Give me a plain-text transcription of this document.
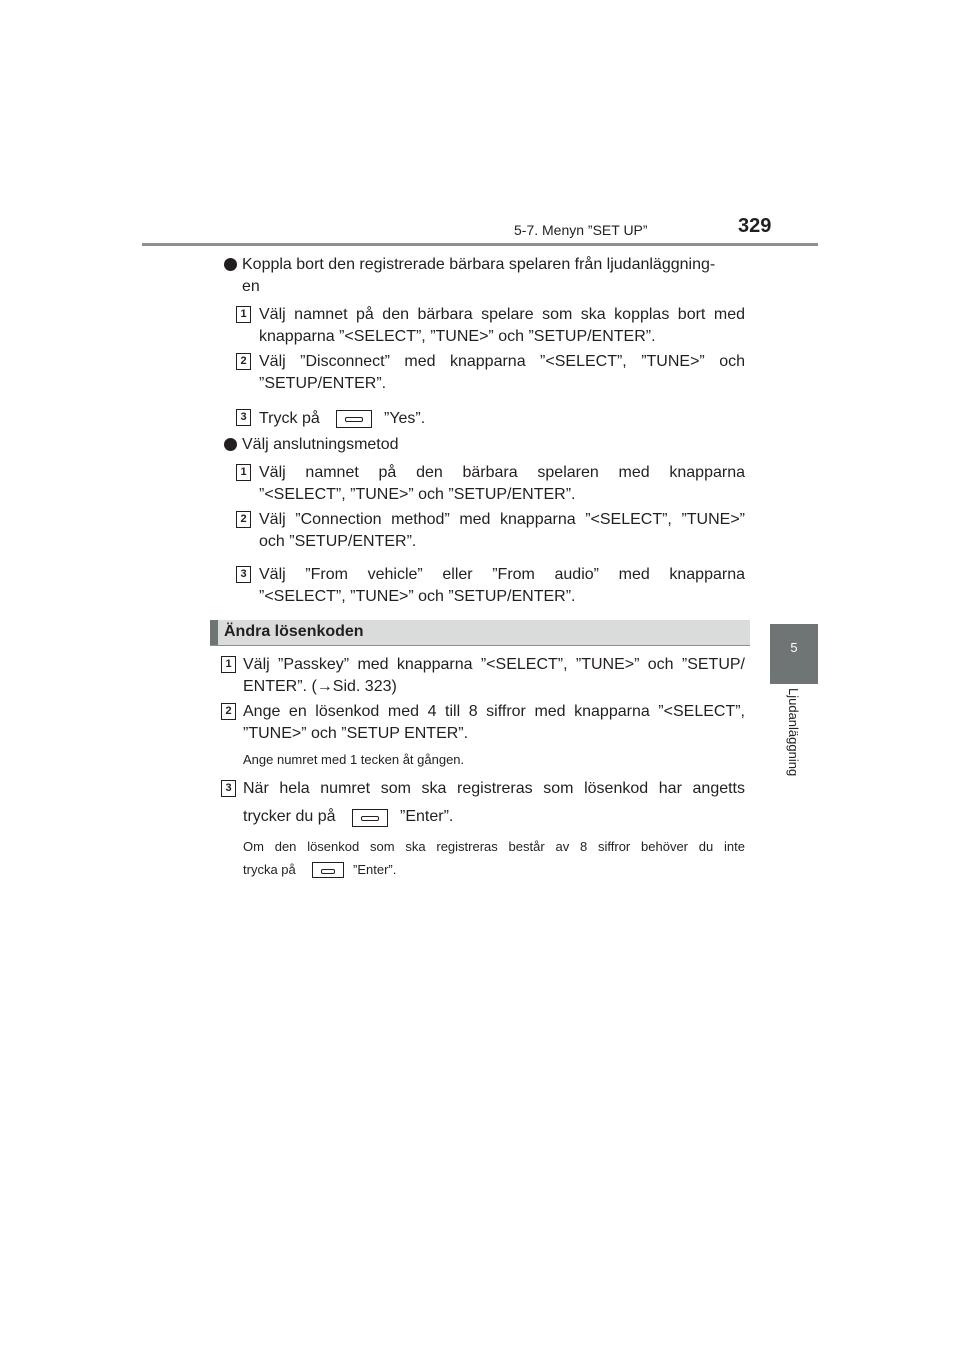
5-7. Menyn ”SET UP”	329
5
Ljudanläggning
Koppla bort den registrerade bärbara spelaren från ljudanläggning-
en
1 Välj namnet på den bärbara spelare som ska kopplas bort med
knapparna ”<SELECT”, ”TUNE>” och ”SETUP/ENTER”.
2 Välj ”Disconnect” med knapparna ”<SELECT”, ”TUNE>” och
”SETUP/ENTER”.
3 Tryck på	”Yes”.
Välj anslutningsmetod
1 Välj namnet på den bärbara spelaren med knapparna
”<SELECT”, ”TUNE>” och ”SETUP/ENTER”.
2 Välj ”Connection method” med knapparna ”<SELECT”, ”TUNE>”
och ”SETUP/ENTER”.
3 Välj ”From vehicle” eller ”From audio” med knapparna
”<SELECT”, ”TUNE>” och ”SETUP/ENTER”.
Ändra lösenkoden
1 Välj ”Passkey” med knapparna ”<SELECT”, ”TUNE>” och ”SETUP/
ENTER”. (→Sid. 323)
2 Ange en lösenkod med 4 till 8 siffror med knapparna ”<SELECT”,
”TUNE>” och ”SETUP ENTER”.
Ange numret med 1 tecken åt gången.
3 När hela numret som ska registreras som lösenkod har angetts
trycker du på	”Enter”.
Om den lösenkod som ska registreras består av 8 siffror behöver du inte
trycka på	”Enter”.
